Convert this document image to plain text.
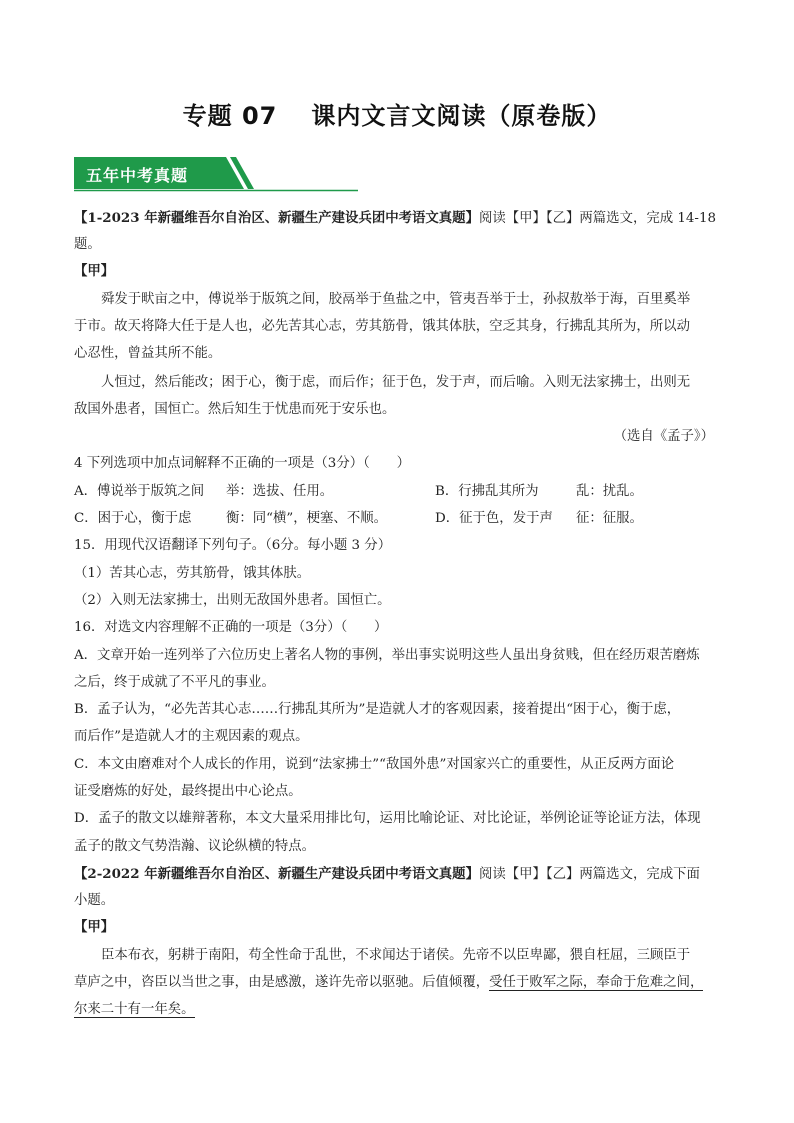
专题 07 课内文言文阅读（原卷版）
五年中考真题
【1-2023 年新疆维吾尔自治区、新疆生产建设兵团中考语文真题】阅读【甲】【乙】两篇选文，完成 14-18
题。
【甲】
舜发于畎亩之中，傅说举于版筑之间，胶鬲举于鱼盐之中，管夷吾举于士，孙叔敖举于海，百里奚举
于市。故天将降大任于是人也，必先苦其心志，劳其筋骨，饿其体肤，空乏其身，行拂乱其所为，所以动
心忍性，曾益其所不能。
人恒过，然后能改；困于心，衡于虑，而后作；征于色，发于声，而后喻。入则无法家拂士，出则无
敌国外患者，国恒亡。然后知生于忧患而死于安乐也。
（选自《孟子》）
4 下列选项中加点词解释不正确的一项是（3分）（　　）
A．傅说举于版筑之间 举：选拔、任用。	B．行拂乱其所为	乱：扰乱。
C．困于心，衡于虑	衡：同“横”，梗塞、不顺。	D．征于色，发于声 征：征服。
15．用现代汉语翻译下列句子。（6分。每小题 3 分）
（1）苦其心志，劳其筋骨，饿其体肤。
（2）入则无法家拂士，出则无敌国外患者。国恒亡。
16．对选文内容理解不正确的一项是（3分）（　　）
A．文章开始一连列举了六位历史上著名人物的事例，举出事实说明这些人虽出身贫贱，但在经历艰苦磨炼
之后，终于成就了不平凡的事业。
B．孟子认为，“必先苦其心志……行拂乱其所为”是造就人才的客观因素，接着提出“困于心，衡于虑，
而后作”是造就人才的主观因素的观点。
C．本文由磨难对个人成长的作用，说到“法家拂士”“敌国外患”对国家兴亡的重要性，从正反两方面论
证受磨炼的好处，最终提出中心论点。
D．孟子的散文以雄辩著称，本文大量采用排比句，运用比喻论证、对比论证，举例论证等论证方法，体现
孟子的散文气势浩瀚、议论纵横的特点。
【2-2022 年新疆维吾尔自治区、新疆生产建设兵团中考语文真题】阅读【甲】【乙】两篇选文，完成下面
小题。
【甲】
臣本布衣，躬耕于南阳，苟全性命于乱世，不求闻达于诸侯。先帝不以臣卑鄙，猥自枉屈，三顾臣于
草庐之中，咨臣以当世之事，由是感激，遂许先帝以驱驰。后值倾覆，受任于败军之际，奉命于危难之间，
尔来二十有一年矣。
